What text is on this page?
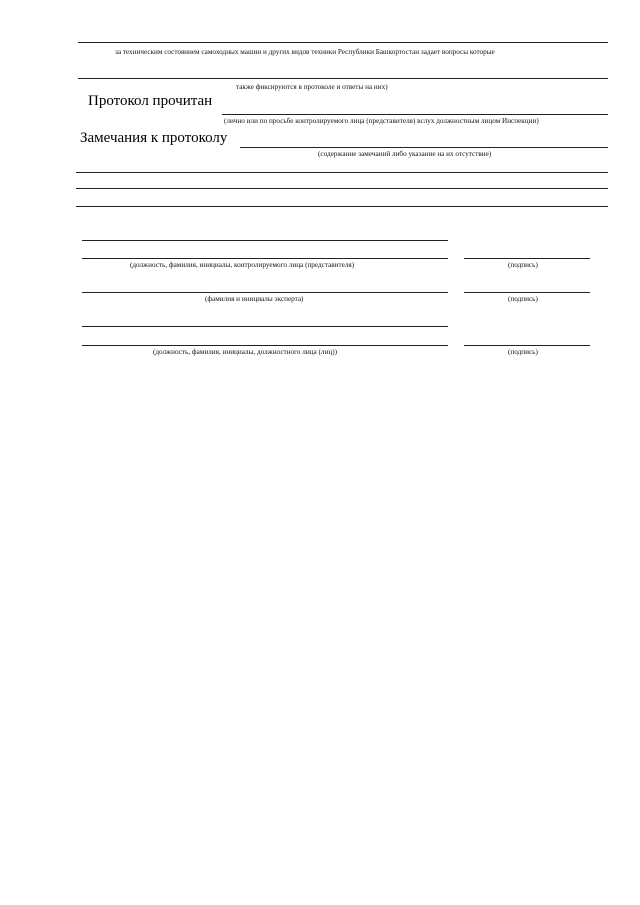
за техническим состоянием самоходных машин и других видов техники Республики Башкортостан задает вопросы которые
также фиксируются в протоколе и ответы на них)
Протокол прочитан
(лично или по просьбе контролируемого лица (представителя) вслух должностным лицом Инспекции)
Замечания к протоколу
(содержание замечаний либо указание на их отсутствие)
(должность, фамилия, инициалы, контролируемого лица (представителя)	(подпись)
(фамилия и инициалы эксперта)	(подпись)
(должность, фамилия, инициалы, должностного лица (лиц))	(подпись)
